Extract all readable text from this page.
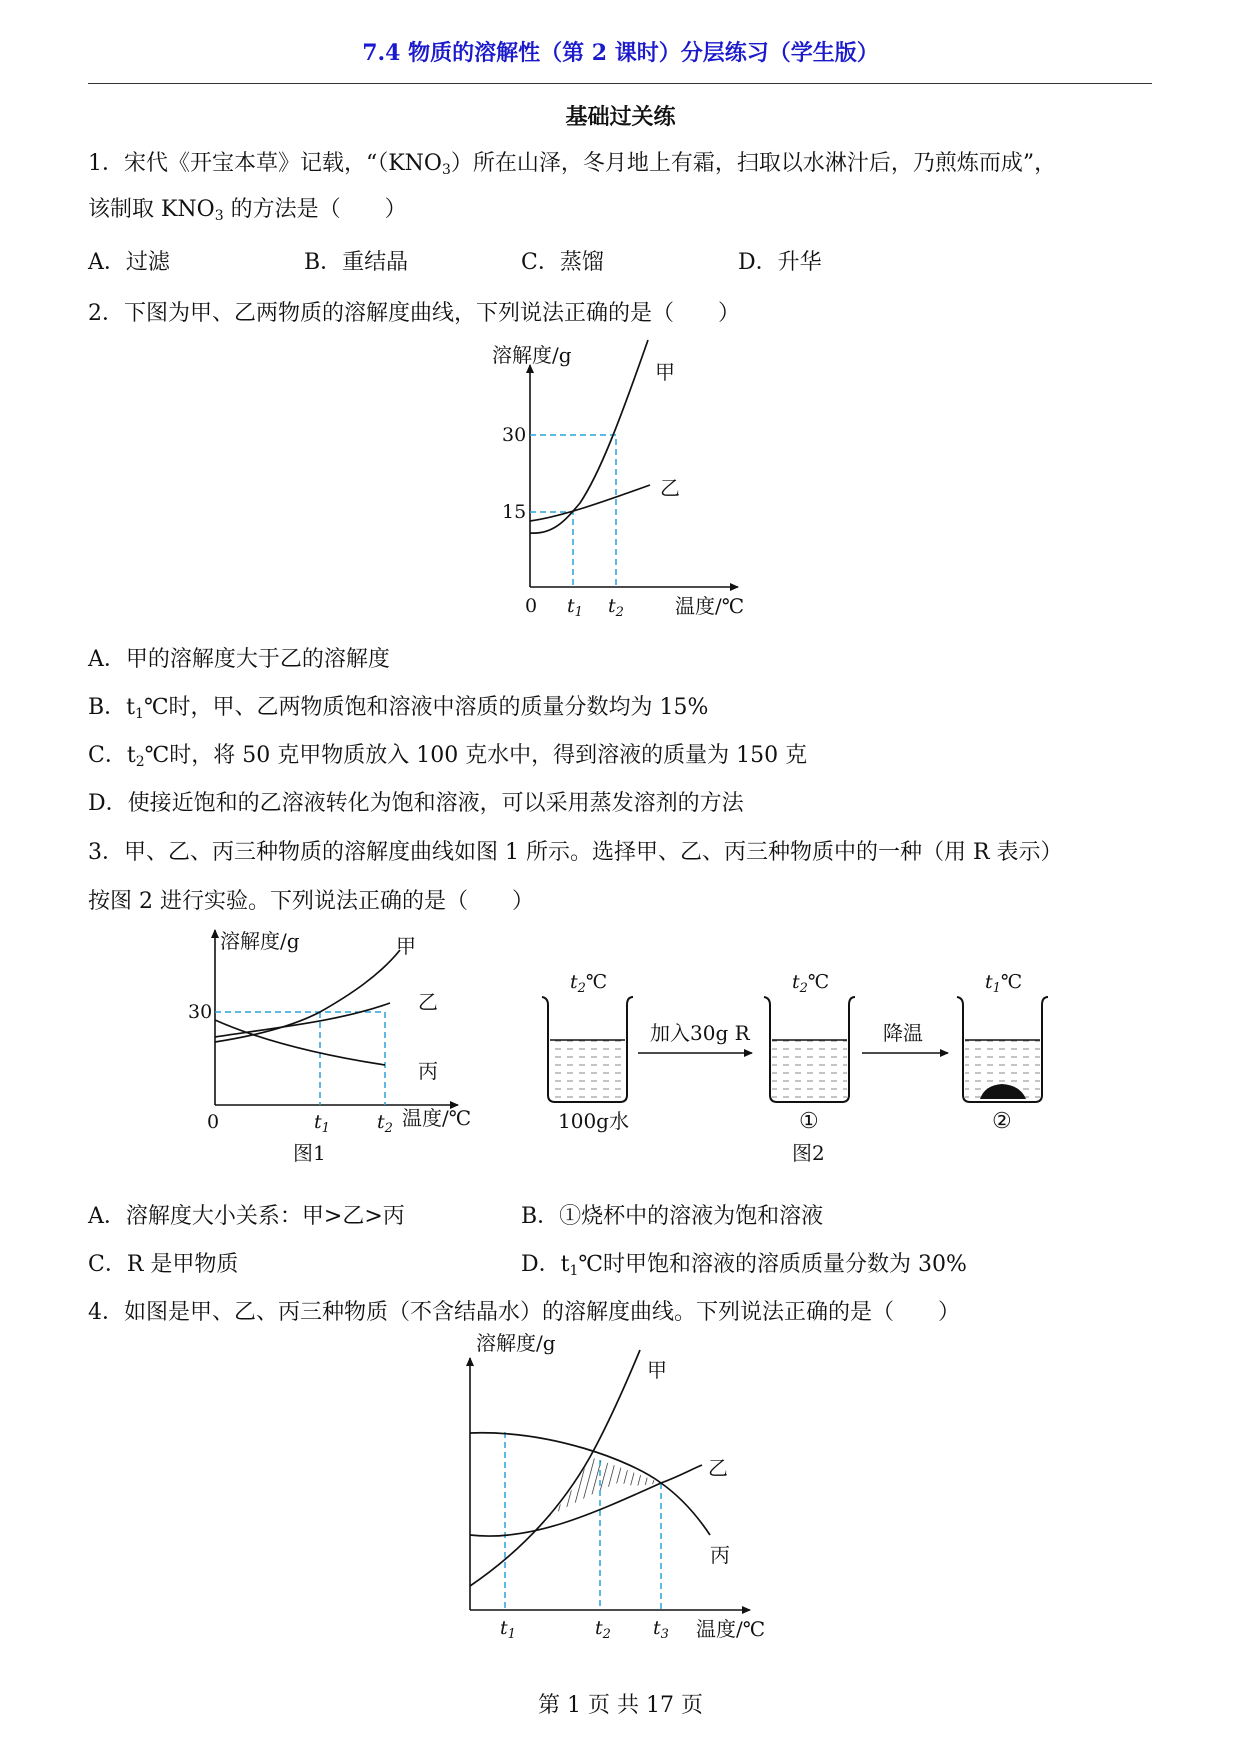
7.4 物质的溶解性（第 2 课时）分层练习（学生版）
基础过关练
1．宋代《开宝本草》记载，“$(KNO_3)$所在山泽，冬月地上有霜，扫取以水淋汁后，乃煎炼而成”，
该制取 $KNO_3$ 的方法是（　　）
A．过滤	B．重结晶	C．蒸馏	D．升华
2．下图为甲、乙两物质的溶解度曲线，下列说法正确的是（　　）
溶解度/g
温度/℃
30
15
0 $t_1$ $t_2$
甲
乙
A．甲的溶解度大于乙的溶解度
B．$t_1℃$时，甲、乙两物质饱和溶液中溶质的质量分数均为 15%
C．$t_2℃$时，将 50 克甲物质放入 100 克水中，得到溶液的质量为 150 克
D．使接近饱和的乙溶液转化为饱和溶液，可以采用蒸发溶剂的方法
3．甲、乙、丙三种物质的溶解度曲线如图 1 所示。选择甲、乙、丙三种物质中的一种（用 R 表示）
按图 2 进行实验。下列说法正确的是（　　）
溶解度/g
温度/℃
30
0	$t_1$ $t_2$
甲
乙
丙
图1
$t_2℃$
100g水
加入30g R
$t_2℃$
①
降温
$t_1℃$
②
图2
A．溶解度大小关系：甲>乙>丙	B．①烧杯中的溶液为饱和溶液
C．R 是甲物质	D．$t_1℃$时甲饱和溶液的溶质质量分数为 30%
4．如图是甲、乙、丙三种物质（不含结晶水）的溶解度曲线。下列说法正确的是（　　）
溶解度/g
温度/℃
$t_1$	$t_2$ $t_3$
甲
乙
丙
第 1 页 共 17 页
